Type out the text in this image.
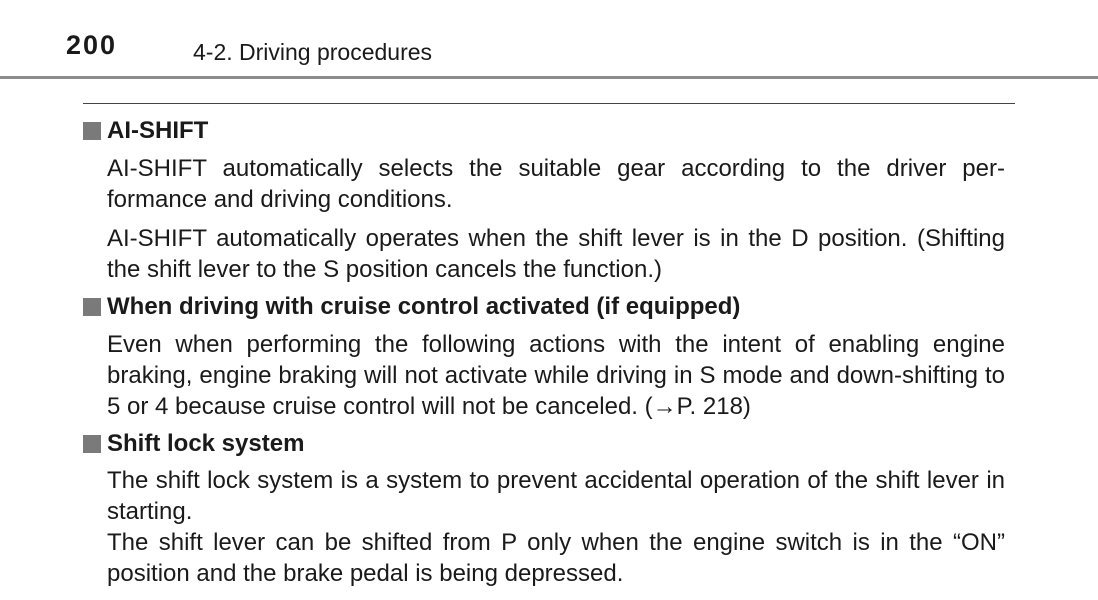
200	4-2. Driving procedures
AI-SHIFT
AI-SHIFT automatically selects the suitable gear according to the driver per-formance and driving conditions.
AI-SHIFT automatically operates when the shift lever is in the D position. (Shifting the shift lever to the S position cancels the function.)
When driving with cruise control activated (if equipped)
Even when performing the following actions with the intent of enabling engine braking, engine braking will not activate while driving in S mode and down-shifting to 5 or 4 because cruise control will not be canceled. (→P. 218)
Shift lock system
The shift lock system is a system to prevent accidental operation of the shift lever in starting.
The shift lever can be shifted from P only when the engine switch is in the “ON” position and the brake pedal is being depressed.
